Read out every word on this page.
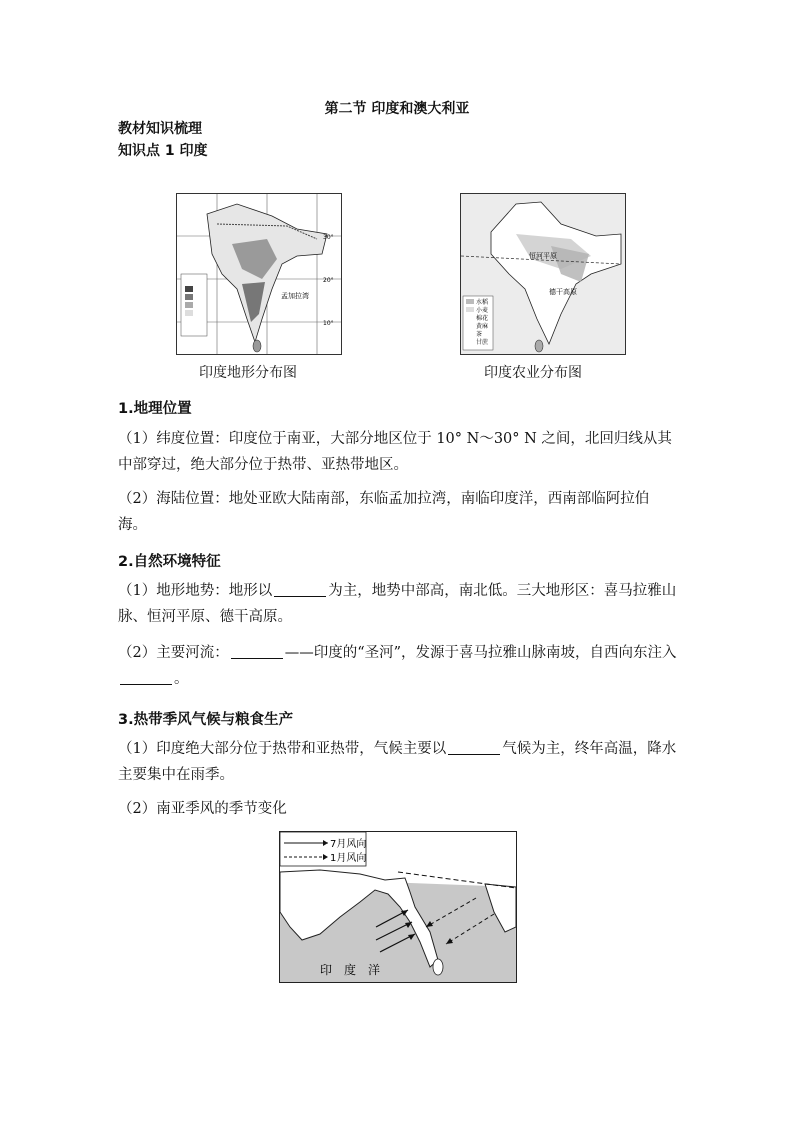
第二节 印度和澳大利亚
教材知识梳理
知识点 1 印度
30°
20°
10°
孟加拉湾
印度地形分布图
水稻
小麦
棉花
黄麻
茶
甘蔗
恒河平原
德干高原
印度农业分布图
1.地理位置
（1）纬度位置：印度位于南亚，大部分地区位于 10° N～30° N 之间，北回归线从其中部穿过，绝大部分位于热带、亚热带地区。
（2）海陆位置：地处亚欧大陆南部，东临孟加拉湾，南临印度洋，西南部临阿拉伯海。
2.自然环境特征
（1）地形地势：地形以	为主，地势中部高，南北低。三大地形区：喜马拉雅山脉、恒河平原、德干高原。
（2）主要河流：	——印度的“圣河”，发源于喜马拉雅山脉南坡，自西向东注入。
3.热带季风气候与粮食生产
（1）印度绝大部分位于热带和亚热带，气候主要以	气候为主，终年高温，降水主要集中在雨季。
（2）南亚季风的季节变化
7月风向
1月风向
印　度　洋
